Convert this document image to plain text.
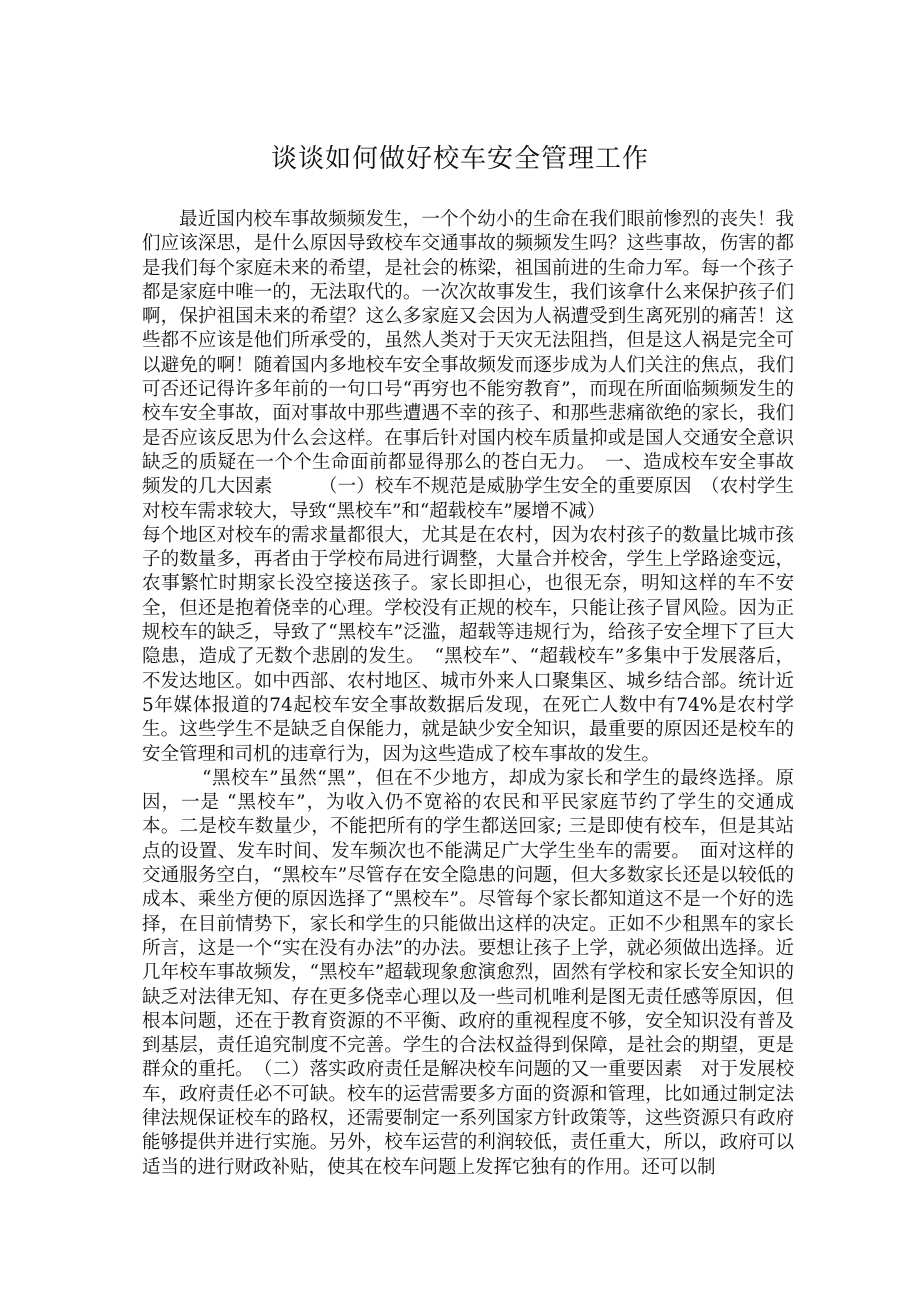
谈谈如何做好校车安全管理工作

最近国内校车事故频频发生，一个个幼小的生命在我们眼前惨烈的丧失！我们应该深思，是什么原因导致校车交通事故的频频发生吗？这些事故，伤害的都是我们每个家庭未来的希望，是社会的栋梁，祖国前进的生命力军。每一个孩子都是家庭中唯一的，无法取代的。一次次故事发生，我们该拿什么来保护孩子们啊，保护祖国未来的希望？这么多家庭又会因为人祸遭受到生离死别的痛苦！这些都不应该是他们所承受的，虽然人类对于天灾无法阻挡，但是这人祸是完全可以避免的啊！随着国内多地校车安全事故频发而逐步成为人们关注的焦点，我们可否还记得许多年前的一句口号“再穷也不能穷教育”，而现在所面临频频发生的校车安全事故，面对事故中那些遭遇不幸的孩子、和那些悲痛欲绝的家长，我们是否应该反思为什么会这样。在事后针对国内校车质量抑或是国人交通安全意识缺乏的质疑在一个个生命面前都显得那么的苍白无力。　一、造成校车安全事故频发的几大因素　　　（一）校车不规范是威胁学生安全的重要原因　（农村学生对校车需求较大，导致“黑校车”和“超载校车”屡增不减）

每个地区对校车的需求量都很大，尤其是在农村，因为农村孩子的数量比城市孩子的数量多，再者由于学校布局进行调整，大量合并校舍，学生上学路途变远，农事繁忙时期家长没空接送孩子。家长即担心，也很无奈，明知这样的车不安全，但还是抱着侥幸的心理。学校没有正规的校车，只能让孩子冒风险。因为正规校车的缺乏，导致了“黑校车”泛滥，超载等违规行为，给孩子安全埋下了巨大隐患，造成了无数个悲剧的发生。　“黑校车”、“超载校车”多集中于发展落后，不发达地区。如中西部、农村地区、城市外来人口聚集区、城乡结合部。统计近5年媒体报道的74起校车安全事故数据后发现，在死亡人数中有74%是农村学生。这些学生不是缺乏自保能力，就是缺少安全知识，最重要的原因还是校车的安全管理和司机的违章行为，因为这些造成了校车事故的发生。

“黑校车”虽然“黑”，但在不少地方，却成为家长和学生的最终选择。原因，一是 “黑校车”，为收入仍不宽裕的农民和平民家庭节约了学生的交通成本。二是校车数量少，不能把所有的学生都送回家; 三是即使有校车，但是其站点的设置、发车时间、发车频次也不能满足广大学生坐车的需要。　面对这样的交通服务空白，“黑校车”尽管存在安全隐患的问题，但大多数家长还是以较低的成本、乘坐方便的原因选择了“黑校车”。尽管每个家长都知道这不是一个好的选择，在目前情势下，家长和学生的只能做出这样的决定。正如不少租黑车的家长所言，这是一个“实在没有办法”的办法。要想让孩子上学，就必须做出选择。近几年校车事故频发，“黑校车”超载现象愈演愈烈，固然有学校和家长安全知识的缺乏对法律无知、存在更多侥幸心理以及一些司机唯利是图无责任感等原因，但根本问题，还在于教育资源的不平衡、政府的重视程度不够，安全知识没有普及到基层，责任追究制度不完善。学生的合法权益得到保障，是社会的期望，更是群众的重托。　（二）落实政府责任是解决校车问题的又一重要因素　对于发展校车，政府责任必不可缺。校车的运营需要多方面的资源和管理，比如通过制定法律法规保证校车的路权，还需要制定一系列国家方针政策等，这些资源只有政府能够提供并进行实施。另外，校车运营的利润较低，责任重大，所以，政府可以适当的进行财政补贴，使其在校车问题上发挥它独有的作用。还可以制
